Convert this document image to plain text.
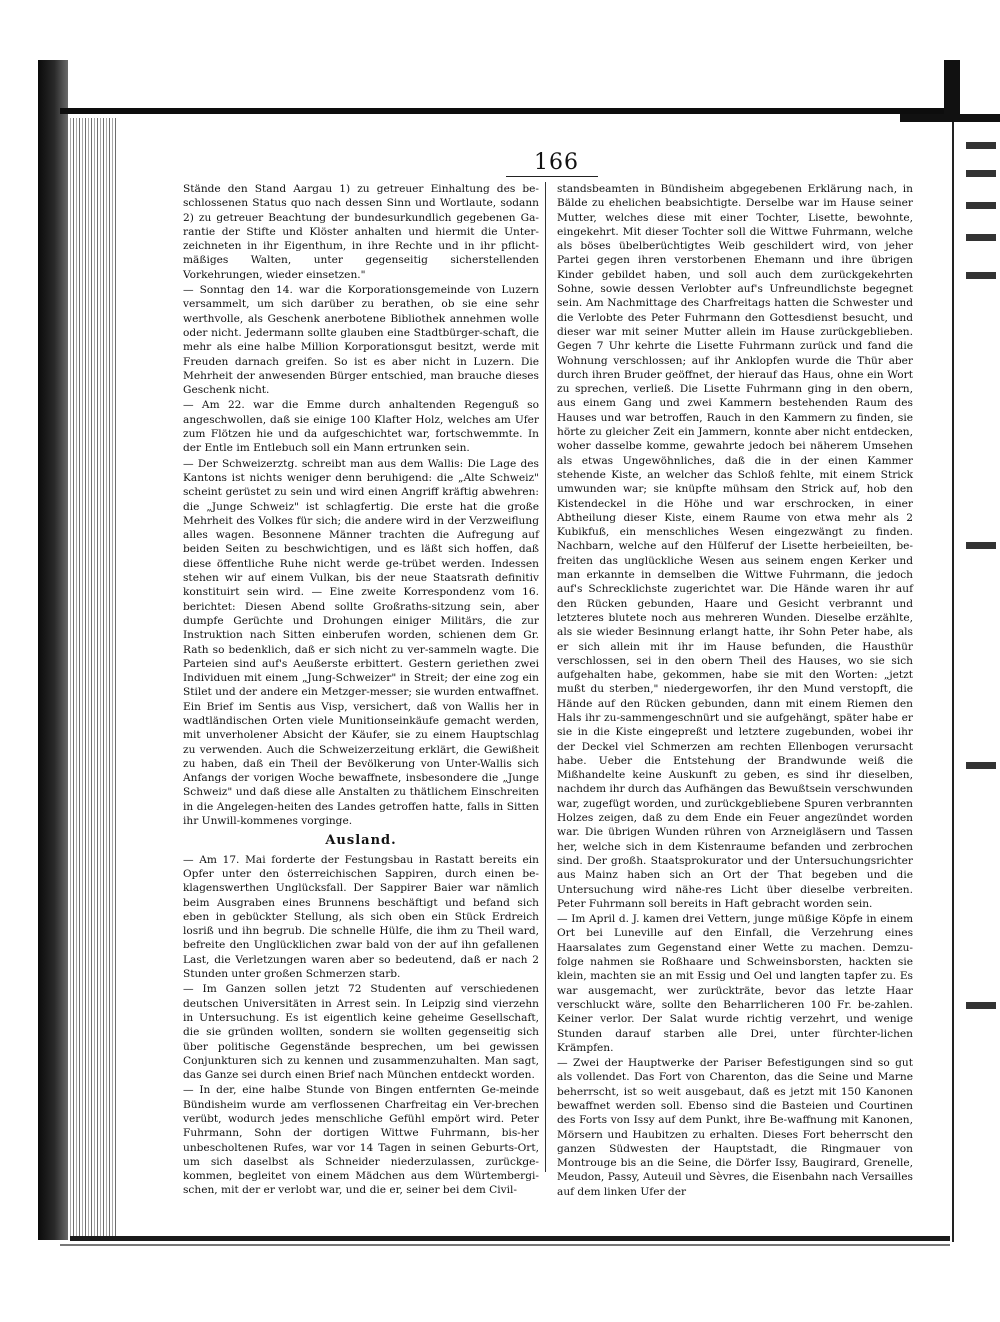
166

Stände den Stand Aargau 1) zu getreuer Einhaltung des be-schlossenen Status quo nach dessen Sinn und Wortlaute, sodann 2) zu getreuer Beachtung der bundesurkundlich gegebenen Ga-rantie der Stifte und Klöster anhalten und hiermit die Unter-zeichneten in ihr Eigenthum, in ihre Rechte und in ihr pflicht-mäßiges Walten, unter gegenseitig sicherstellenden Vorkehrungen, wieder einsetzen."

— Sonntag den 14. war die Korporationsgemeinde von Luzern versammelt, um sich darüber zu berathen, ob sie eine sehr werthvolle, als Geschenk anerbotene Bibliothek annehmen wolle oder nicht. Jedermann sollte glauben eine Stadtbürger-schaft, die mehr als eine halbe Million Korporationsgut besitzt, werde mit Freuden darnach greifen. So ist es aber nicht in Luzern. Die Mehrheit der anwesenden Bürger entschied, man brauche dieses Geschenk nicht.

— Am 22. war die Emme durch anhaltenden Regenguß so angeschwollen, daß sie einige 100 Klafter Holz, welches am Ufer zum Flötzen hie und da aufgeschichtet war, fortschwemmte. In der Entle im Entlebuch soll ein Mann ertrunken sein.

— Der Schweizerztg. schreibt man aus dem Wallis: Die Lage des Kantons ist nichts weniger denn beruhigend: die „Alte Schweiz" scheint gerüstet zu sein und wird einen Angriff kräftig abwehren: die „Junge Schweiz" ist schlagfertig. Die erste hat die große Mehrheit des Volkes für sich; die andere wird in der Verzweiflung alles wagen. Besonnene Männer trachten die Aufregung auf beiden Seiten zu beschwichtigen, und es läßt sich hoffen, daß diese öffentliche Ruhe nicht werde ge-trübet werden. Indessen stehen wir auf einem Vulkan, bis der neue Staatsrath definitiv konstituirt sein wird. — Eine zweite Korrespondenz vom 16. berichtet: Diesen Abend sollte Großraths-sitzung sein, aber dumpfe Gerüchte und Drohungen einiger Militärs, die zur Instruktion nach Sitten einberufen worden, schienen dem Gr. Rath so bedenklich, daß er sich nicht zu ver-sammeln wagte. Die Parteien sind auf's Aeußerste erbittert. Gestern geriethen zwei Individuen mit einem „Jung-Schweizer" in Streit; der eine zog ein Stilet und der andere ein Metzger-messer; sie wurden entwaffnet. Ein Brief im Sentis aus Visp, versichert, daß von Wallis her in wadtländischen Orten viele Munitionseinkäufe gemacht werden, mit unverholener Absicht der Käufer, sie zu einem Hauptschlag zu verwenden. Auch die Schweizerzeitung erklärt, die Gewißheit zu haben, daß ein Theil der Bevölkerung von Unter-Wallis sich Anfangs der vorigen Woche bewaffnete, insbesondere die „Junge Schweiz" und daß diese alle Anstalten zu thätlichem Einschreiten in die Angelegen-heiten des Landes getroffen hatte, falls in Sitten ihr Unwill-kommenes vorginge.

Ausland.

— Am 17. Mai forderte der Festungsbau in Rastatt bereits ein Opfer unter den österreichischen Sappiren, durch einen be-klagenswerthen Unglücksfall. Der Sappirer Baier war nämlich beim Ausgraben eines Brunnens beschäftigt und befand sich eben in gebückter Stellung, als sich oben ein Stück Erdreich losriß und ihn begrub. Die schnelle Hülfe, die ihm zu Theil ward, befreite den Unglücklichen zwar bald von der auf ihn gefallenen Last, die Verletzungen waren aber so bedeutend, daß er nach 2 Stunden unter großen Schmerzen starb.

— Im Ganzen sollen jetzt 72 Studenten auf verschiedenen deutschen Universitäten in Arrest sein. In Leipzig sind vierzehn in Untersuchung. Es ist eigentlich keine geheime Gesellschaft, die sie gründen wollten, sondern sie wollten gegenseitig sich über politische Gegenstände besprechen, um bei gewissen Conjunkturen sich zu kennen und zusammenzuhalten. Man sagt, das Ganze sei durch einen Brief nach München entdeckt worden.

— In der, eine halbe Stunde von Bingen entfernten Ge-meinde Bündisheim wurde am verflossenen Charfreitag ein Ver-brechen verübt, wodurch jedes menschliche Gefühl empört wird. Peter Fuhrmann, Sohn der dortigen Wittwe Fuhrmann, bis-her unbescholtenen Rufes, war vor 14 Tagen in seinen Geburts-Ort, um sich daselbst als Schneider niederzulassen, zurückge-kommen, begleitet von einem Mädchen aus dem Würtembergi-schen, mit der er verlobt war, und die er, seiner bei dem Civil-

standsbeamten in Bündisheim abgegebenen Erklärung nach, in Bälde zu ehelichen beabsichtigte. Derselbe war im Hause seiner Mutter, welches diese mit einer Tochter, Lisette, bewohnte, eingekehrt. Mit dieser Tochter soll die Wittwe Fuhrmann, welche als böses übelberüchtigtes Weib geschildert wird, von jeher Partei gegen ihren verstorbenen Ehemann und ihre übrigen Kinder gebildet haben, und soll auch dem zurückgekehrten Sohne, sowie dessen Verlobter auf's Unfreundlichste begegnet sein. Am Nachmittage des Charfreitags hatten die Schwester und die Verlobte des Peter Fuhrmann den Gottesdienst besucht, und dieser war mit seiner Mutter allein im Hause zurückgeblieben. Gegen 7 Uhr kehrte die Lisette Fuhrmann zurück und fand die Wohnung verschlossen; auf ihr Anklopfen wurde die Thür aber durch ihren Bruder geöffnet, der hierauf das Haus, ohne ein Wort zu sprechen, verließ. Die Lisette Fuhrmann ging in den obern, aus einem Gang und zwei Kammern bestehenden Raum des Hauses und war betroffen, Rauch in den Kammern zu finden, sie hörte zu gleicher Zeit ein Jammern, konnte aber nicht entdecken, woher dasselbe komme, gewahrte jedoch bei näherem Umsehen als etwas Ungewöhnliches, daß die in der einen Kammer stehende Kiste, an welcher das Schloß fehlte, mit einem Strick umwunden war; sie knüpfte mühsam den Strick auf, hob den Kistendeckel in die Höhe und war erschrocken, in einer Abtheilung dieser Kiste, einem Raume von etwa mehr als 2 Kubikfuß, ein menschliches Wesen eingezwängt zu finden. Nachbarn, welche auf den Hülferuf der Lisette herbeieilten, be-freiten das unglückliche Wesen aus seinem engen Kerker und man erkannte in demselben die Wittwe Fuhrmann, die jedoch auf's Schrecklichste zugerichtet war. Die Hände waren ihr auf den Rücken gebunden, Haare und Gesicht verbrannt und letzteres blutete noch aus mehreren Wunden. Dieselbe erzählte, als sie wieder Besinnung erlangt hatte, ihr Sohn Peter habe, als er sich allein mit ihr im Hause befunden, die Hausthür verschlossen, sei in den obern Theil des Hauses, wo sie sich aufgehalten habe, gekommen, habe sie mit den Worten: „jetzt mußt du sterben," niedergeworfen, ihr den Mund verstopft, die Hände auf den Rücken gebunden, dann mit einem Riemen den Hals ihr zu-sammengeschnürt und sie aufgehängt, später habe er sie in die Kiste eingepreßt und letztere zugebunden, wobei ihr der Deckel viel Schmerzen am rechten Ellenbogen verursacht habe. Ueber die Entstehung der Brandwunde weiß die Mißhandelte keine Auskunft zu geben, es sind ihr dieselben, nachdem ihr durch das Aufhängen das Bewußtsein verschwunden war, zugefügt worden, und zurückgebliebene Spuren verbrannten Holzes zeigen, daß zu dem Ende ein Feuer angezündet worden war. Die übrigen Wunden rühren von Arzneigläsern und Tassen her, welche sich in dem Kistenraume befanden und zerbrochen sind. Der großh. Staatsprokurator und der Untersuchungsrichter aus Mainz haben sich an Ort der That begeben und die Untersuchung wird nähe-res Licht über dieselbe verbreiten. Peter Fuhrmann soll bereits in Haft gebracht worden sein.

— Im April d. J. kamen drei Vettern, junge müßige Köpfe in einem Ort bei Luneville auf den Einfall, die Verzehrung eines Haarsalates zum Gegenstand einer Wette zu machen. Demzu-folge nahmen sie Roßhaare und Schweinsborsten, hackten sie klein, machten sie an mit Essig und Oel und langten tapfer zu. Es war ausgemacht, wer zurückträte, bevor das letzte Haar verschluckt wäre, sollte den Beharrlicheren 100 Fr. be-zahlen. Keiner verlor. Der Salat wurde richtig verzehrt, und wenige Stunden darauf starben alle Drei, unter fürchter-lichen Krämpfen.

— Zwei der Hauptwerke der Pariser Befestigungen sind so gut als vollendet. Das Fort von Charenton, das die Seine und Marne beherrscht, ist so weit ausgebaut, daß es jetzt mit 150 Kanonen bewaffnet werden soll. Ebenso sind die Basteien und Courtinen des Forts von Issy auf dem Punkt, ihre Be-waffnung mit Kanonen, Mörsern und Haubitzen zu erhalten. Dieses Fort beherrscht den ganzen Südwesten der Hauptstadt, die Ringmauer von Montrouge bis an die Seine, die Dörfer Issy, Baugirard, Grenelle, Meudon, Passy, Auteuil und Sèvres, die Eisenbahn nach Versailles auf dem linken Ufer der
